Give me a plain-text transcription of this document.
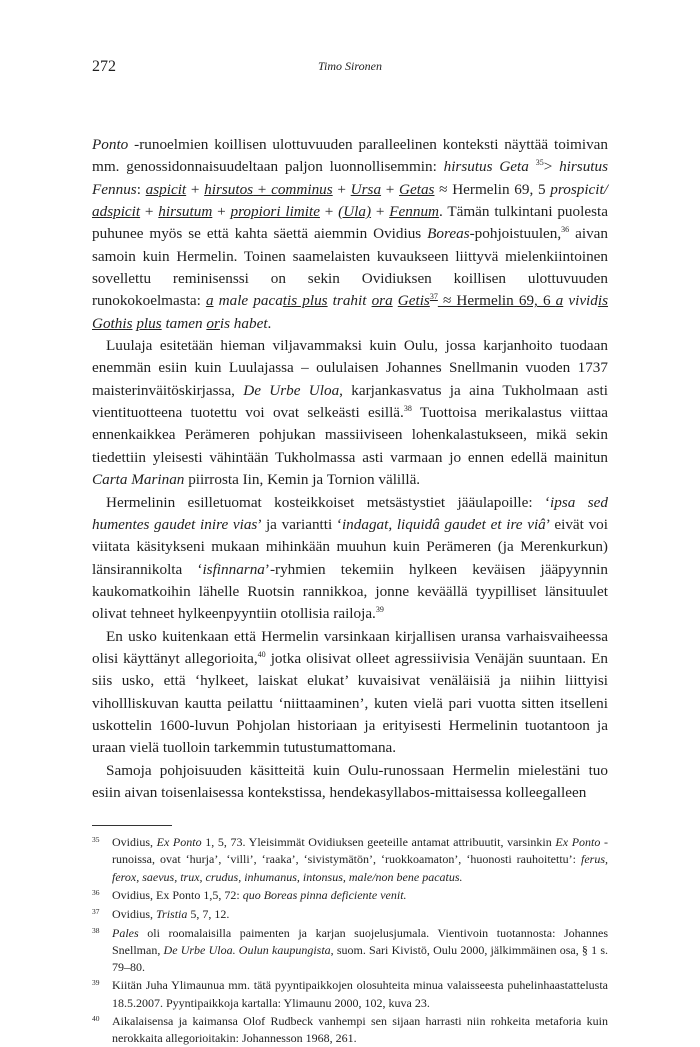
272	Timo Sironen

Ponto -runoelmien koillisen ulottuvuuden paralleelinen konteksti näyttää toimivan mm. genossidonnaisuudeltaan paljon luonnollisemmin: hirsutus Geta $^{35}$> hirsutus Fennus: aspicit + hirsutos + comminus + Ursa + Getas ≈ Hermelin 69, 5 prospicit/ adspicit + hirsutum + propiori limite + (Ula) + Fennum. Tämän tulkintani puolesta puhunee myös se että kahta säettä aiemmin Ovidius Boreas-pohjoistuulen,$^{36}$ aivan samoin kuin Hermelin. Toinen saamelaisten kuvaukseen liittyvä mielenkiintoinen sovellettu reminisenssi on sekin Ovidiuksen koillisen ulottuvuuden runokokoelmasta: a male pacatis plus trahit ora Getis$^{37}$ ≈ Hermelin 69, 6 a vividis Gothis plus tamen oris habet.

Luulaja esitetään hieman viljavammaksi kuin Oulu, jossa karjanhoito tuodaan enemmän esiin kuin Luulajassa – oululaisen Johannes Snellmanin vuoden 1737 maisterinväitöskirjassa, De Urbe Uloa, karjankasvatus ja aina Tukholmaan asti vientituotteena tuotettu voi ovat selkeästi esillä.$^{38}$ Tuottoisa merikalastus viittaa ennenkaikkea Perämeren pohjukan massiiviseen lohenkalastukseen, mikä sekin tiedettiin yleisesti vähintään Tukholmassa asti varmaan jo ennen edellä mainitun Carta Marinan piirrosta Iin, Kemin ja Tornion välillä.

Hermelinin esilletuomat kosteikkoiset metsästystiet jääulapoille: ‘ipsa sed humentes gaudet inire vias’ ja variantti ‘indagat, liquidâ gaudet et ire viâ’ eivät voi viitata käsitykseni mukaan mihinkään muuhun kuin Perämeren (ja Merenkurkun) länsirannikolta ‘isfinnarna’-ryhmien tekemiin hylkeen keväisen jääpyynnin kaukomatkoihin lähelle Ruotsin rannikkoa, jonne keväällä tyypilliset länsituulet olivat tehneet hylkeenpyyntiin otollisia railoja.$^{39}$

En usko kuitenkaan että Hermelin varsinkaan kirjallisen uransa varhaisvaiheessa olisi käyttänyt allegorioita,$^{40}$ jotka olisivat olleet agressiivisia Venäjän suuntaan. En siis usko, että ‘hylkeet, laiskat elukat’ kuvaisivat venäläisiä ja niihin liittyisi vihollliskuvan kautta peilattu ‘niittaaminen’, kuten vielä pari vuotta sitten itselleni uskottelin 1600-luvun Pohjolan historiaan ja erityisesti Hermelinin tuotantoon ja uraan vielä tuolloin tarkemmin tutustumattomana.

Samoja pohjoisuuden käsitteitä kuin Oulu-runossaan Hermelin mielestäni tuo esiin aivan toisenlaisessa kontekstissa, hendekasyllabos-mittaisessa kolleegalleen

35 Ovidius, Ex Ponto 1, 5, 73. Yleisimmät Ovidiuksen geeteille antamat attribuutit, varsinkin Ex Ponto -runoissa, ovat ‘hurja’, ‘villi’, ‘raaka’, ‘sivistymätön’, ‘ruokkoamaton’, ‘huonosti rauhoitettu’: ferus, ferox, saevus, trux, crudus, inhumanus, intonsus, male/non bene pacatus.
36 Ovidius, Ex Ponto 1,5, 72: quo Boreas pinna deficiente venit.
37 Ovidius, Tristia 5, 7, 12.
38 Pales oli roomalaisilla paimenten ja karjan suojelusjumala. Vientivoin tuotannosta: Johannes Snellman, De Urbe Uloa. Oulun kaupungista, suom. Sari Kivistö, Oulu 2000, jälkimmäinen osa, § 1 s. 79–80.
39 Kiitän Juha Ylimaunua mm. tätä pyyntipaikkojen olosuhteita minua valaisseesta puhelinhaastattelusta 18.5.2007. Pyyntipaikkoja kartalla: Ylimaunu 2000, 102, kuva 23.
40 Aikalaisensa ja kaimansa Olof Rudbeck vanhempi sen sijaan harrasti niin rohkeita metaforia kuin nerokkaita allegorioitakin: Johannesson 1968, 261.
